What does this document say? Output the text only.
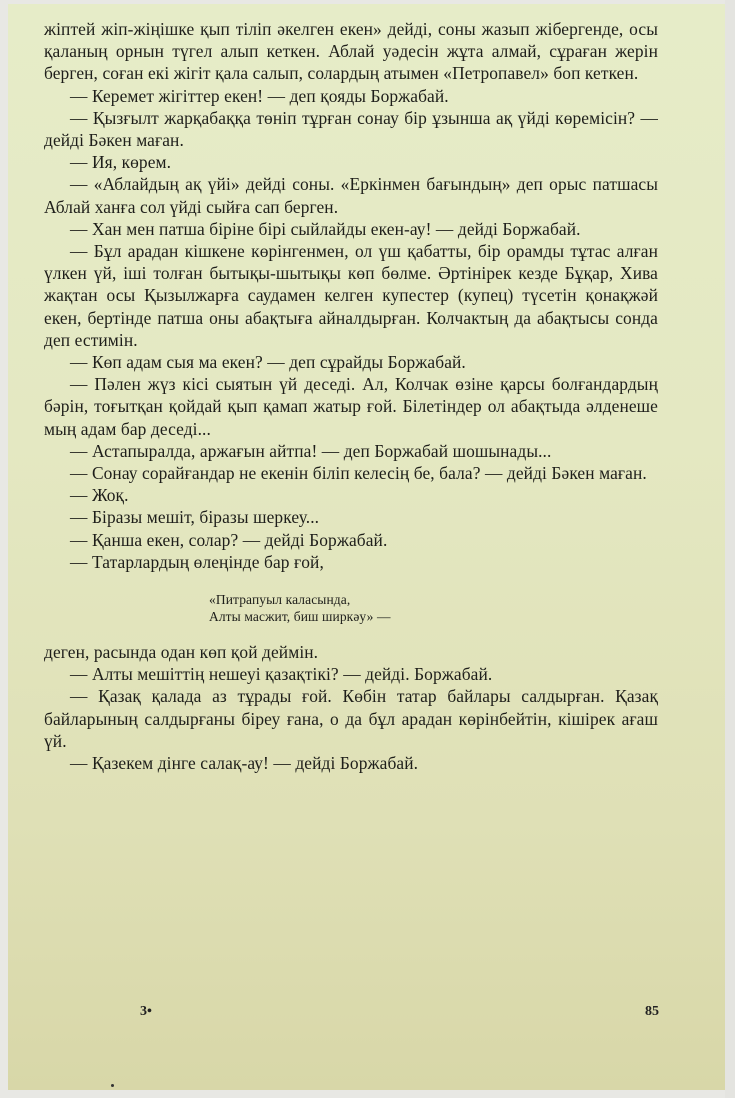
жіптей жіп-жіңішке қып тіліп әкелген екен» дейді, соны жазып жібергенде, осы қаланың орнын түгел алып кеткен. Аблай уәдесін жұта алмай, сұраған жерін берген, соған екі жігіт қала салып, солардың атымен «Петропавел» боп кеткен.

— Керемет жігіттер екен! — деп қояды Боржабай.

— Қызғылт жарқабаққа төніп тұрған сонау бір ұзынша ақ үйді көремісін? — дейді Бәкен маған.

— Ия, көрем.

— «Аблайдың ақ үйі» дейді соны. «Еркінмен бағындың» деп орыс патшасы Аблай ханға сол үйді сыйға сап берген.

— Хан мен патша біріне бірі сыйлайды екен-ау! — дейді Боржабай.

— Бұл арадан кішкене көрінгенмен, ол үш қабатты, бір орамды тұтас алған үлкен үй, іші толған бытықы-шытықы көп бөлме. Әртінірек кезде Бұқар, Хива жақтан осы Қызылжарға саудамен келген купестер (купец) түсетін қонақжәй екен, бертінде патша оны абақтыға айналдырған. Колчактың да абақтысы сонда деп естимін.

— Көп адам сыя ма екен? — деп сұрайды Боржабай.

— Пәлен жүз кісі сыятын үй деседі. Ал, Колчак өзіне қарсы болғандардың бәрін, тоғытқан қойдай қып қамап жатыр ғой. Білетіндер ол абақтыда әлденеше мың адам бар деседі...

— Астапыралда, аржағын айтпа! — деп Боржабай шошынады...

— Сонау сорайғандар не екенін біліп келесің бе, бала? — дейді Бәкен маған.

— Жоқ.

— Біразы мешіт, біразы шеркеу...

— Қанша екен, солар? — дейді Боржабай.

— Татарлардың өлеңінде бар ғой,

«Питрапуыл каласында,
Алты масжит, биш ширкәу» —

деген, расында одан көп қой деймін.

— Алты мешіттің нешеуі қазақтікі? — дейді. Боржабай.

— Қазақ қалада аз тұрады ғой. Көбін татар байлары салдырған. Қазақ байларының салдырғаны біреу ғана, о да бұл арадан көрінбейтін, кішірек ағаш үй.

— Қазекем дінге салақ-ау! — дейді Боржабай.

3•	85
